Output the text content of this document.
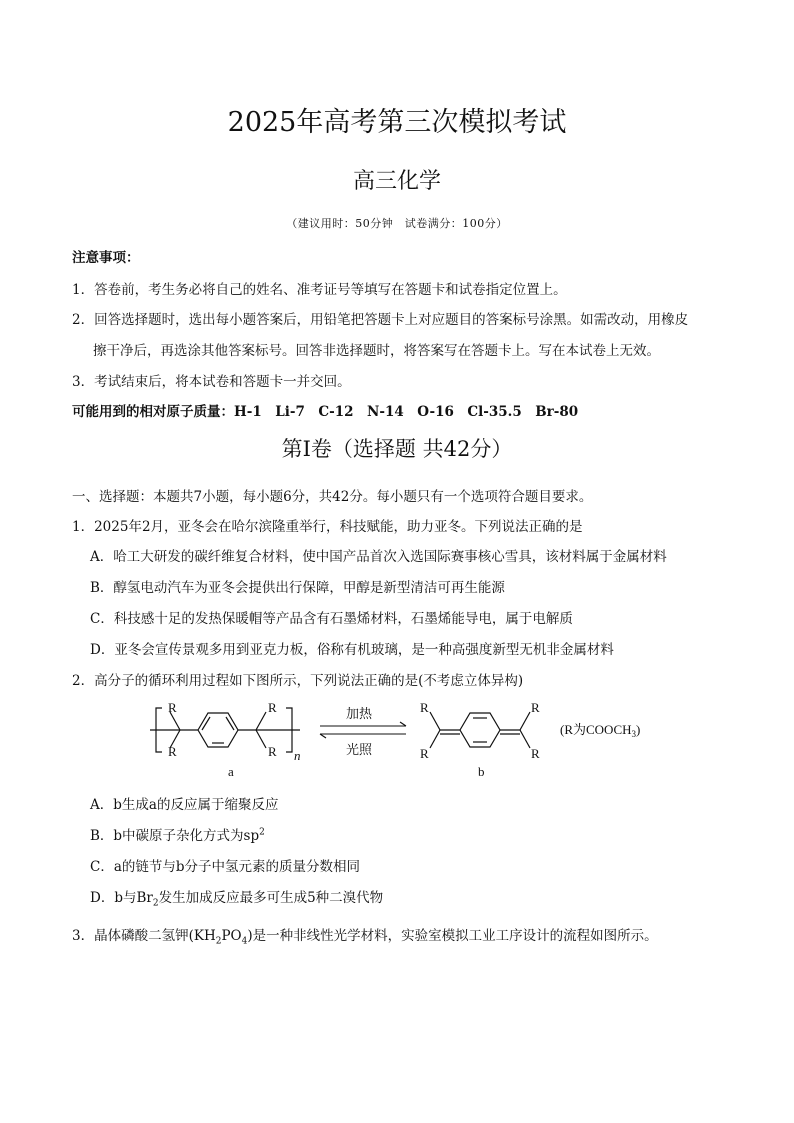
2025年高考第三次模拟考试
高三化学
（建议用时：50分钟　试卷满分：100分）
注意事项：
1．答卷前，考生务必将自己的姓名、准考证号等填写在答题卡和试卷指定位置上。
2．回答选择题时，选出每小题答案后，用铅笔把答题卡上对应题目的答案标号涂黑。如需改动，用橡皮
擦干净后，再选涂其他答案标号。回答非选择题时，将答案写在答题卡上。写在本试卷上无效。
3．考试结束后，将本试卷和答题卡一并交回。
可能用到的相对原子质量：H-1　Li-7　C-12　N-14　O-16　Cl-35.5　Br-80
第Ⅰ卷（选择题 共42分）
一、选择题：本题共7小题，每小题6分，共42分。每小题只有一个选项符合题目要求。
1．2025年2月，亚冬会在哈尔滨隆重举行，科技赋能，助力亚冬。下列说法正确的是
A．哈工大研发的碳纤维复合材料，使中国产品首次入选国际赛事核心雪具，该材料属于金属材料
B．醇氢电动汽车为亚冬会提供出行保障，甲醇是新型清洁可再生能源
C．科技感十足的发热保暖帽等产品含有石墨烯材料，石墨烯能导电，属于电解质
D．亚冬会宣传景观多用到亚克力板，俗称有机玻璃，是一种高强度新型无机非金属材料
2．高分子的循环利用过程如下图所示，下列说法正确的是(不考虑立体异构)
R
R
R
R n
a
加热
光照
R
R
R
R
b
(R为$COOCH_3$)
A．b生成a的反应属于缩聚反应
B．b中碳原子杂化方式为$sp^2$
C．a的链节与b分子中氢元素的质量分数相同
D．b与$Br_2$发生加成反应最多可生成5种二溴代物
3．晶体磷酸二氢钾$(KH_2PO_4)$是一种非线性光学材料，实验室模拟工业工序设计的流程如图所示。
